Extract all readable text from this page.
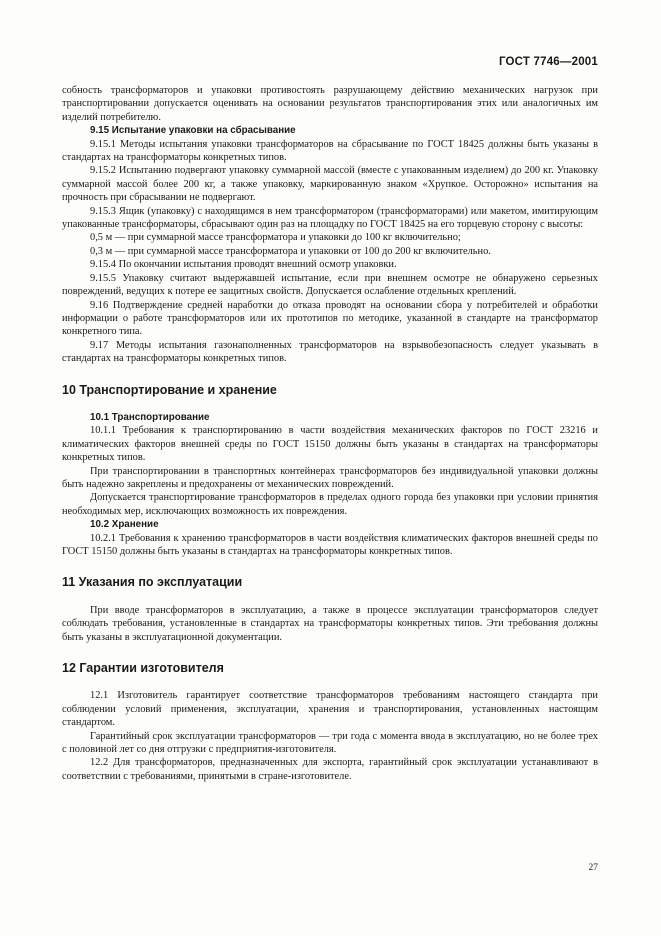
ГОСТ 7746—2001

собность трансформаторов и упаковки противостоять разрушающему действию механических нагрузок при транспортировании допускается оценивать на основании результатов транспортирования этих или аналогичных им изделий потребителю.

9.15 Испытание упаковки на сбрасывание

9.15.1 Методы испытания упаковки трансформаторов на сбрасывание по ГОСТ 18425 должны быть указаны в стандартах на трансформаторы конкретных типов.

9.15.2 Испытанию подвергают упаковку суммарной массой (вместе с упакованным изделием) до 200 кг. Упаковку суммарной массой более 200 кг, а также упаковку, маркированную знаком «Хрупкое. Осторожно» испытания на прочность при сбрасывании не подвергают.

9.15.3 Ящик (упаковку) с находящимся в нем трансформатором (трансформаторами) или макетом, имитирующим упакованные трансформаторы, сбрасывают один раз на площадку по ГОСТ 18425 на его торцевую сторону с высоты:

0,5 м — при суммарной массе трансформатора и упаковки до 100 кг включительно;

0,3 м — при суммарной массе трансформатора и упаковки от 100 до 200 кг включительно.

9.15.4 По окончании испытания проводят внешний осмотр упаковки.

9.15.5 Упаковку считают выдержавшей испытание, если при внешнем осмотре не обнаружено серьезных повреждений, ведущих к потере ее защитных свойств. Допускается ослабление отдельных креплений.

9.16 Подтверждение средней наработки до отказа проводят на основании сбора у потребителей и обработки информации о работе трансформаторов или их прототипов по методике, указанной в стандарте на трансформатор конкретного типа.

9.17 Методы испытания газонаполненных трансформаторов на взрывобезопасность следует указывать в стандартах на трансформаторы конкретных типов.

10 Транспортирование и хранение
10.1 Транспортирование

10.1.1 Требования к транспортированию в части воздействия механических факторов по ГОСТ 23216 и климатических факторов внешней среды по ГОСТ 15150 должны быть указаны в стандартах на трансформаторы конкретных типов.

При транспортировании в транспортных контейнерах трансформаторов без индивидуальной упаковки должны быть надежно закреплены и предохранены от механических повреждений.

Допускается транспортирование трансформаторов в пределах одного города без упаковки при условии принятия необходимых мер, исключающих возможность их повреждения.

10.2 Хранение

10.2.1 Требования к хранению трансформаторов в части воздействия климатических факторов внешней среды по ГОСТ 15150 должны быть указаны в стандартах на трансформаторы конкретных типов.

11 Указания по эксплуатации

При вводе трансформаторов в эксплуатацию, а также в процессе эксплуатации трансформаторов следует соблюдать требования, установленные в стандартах на трансформаторы конкретных типов. Эти требования должны быть указаны в эксплуатационной документации.

12 Гарантии изготовителя

12.1 Изготовитель гарантирует соответствие трансформаторов требованиям настоящего стандарта при соблюдении условий применения, эксплуатации, хранения и транспортирования, установленных настоящим стандартом.

Гарантийный срок эксплуатации трансформаторов — три года с момента ввода в эксплуатацию, но не более трех с половиной лет со дня отгрузки с предприятия-изготовителя.

12.2 Для трансформаторов, предназначенных для экспорта, гарантийный срок эксплуатации устанавливают в соответствии с требованиями, принятыми в стране-изготовителе.

27
